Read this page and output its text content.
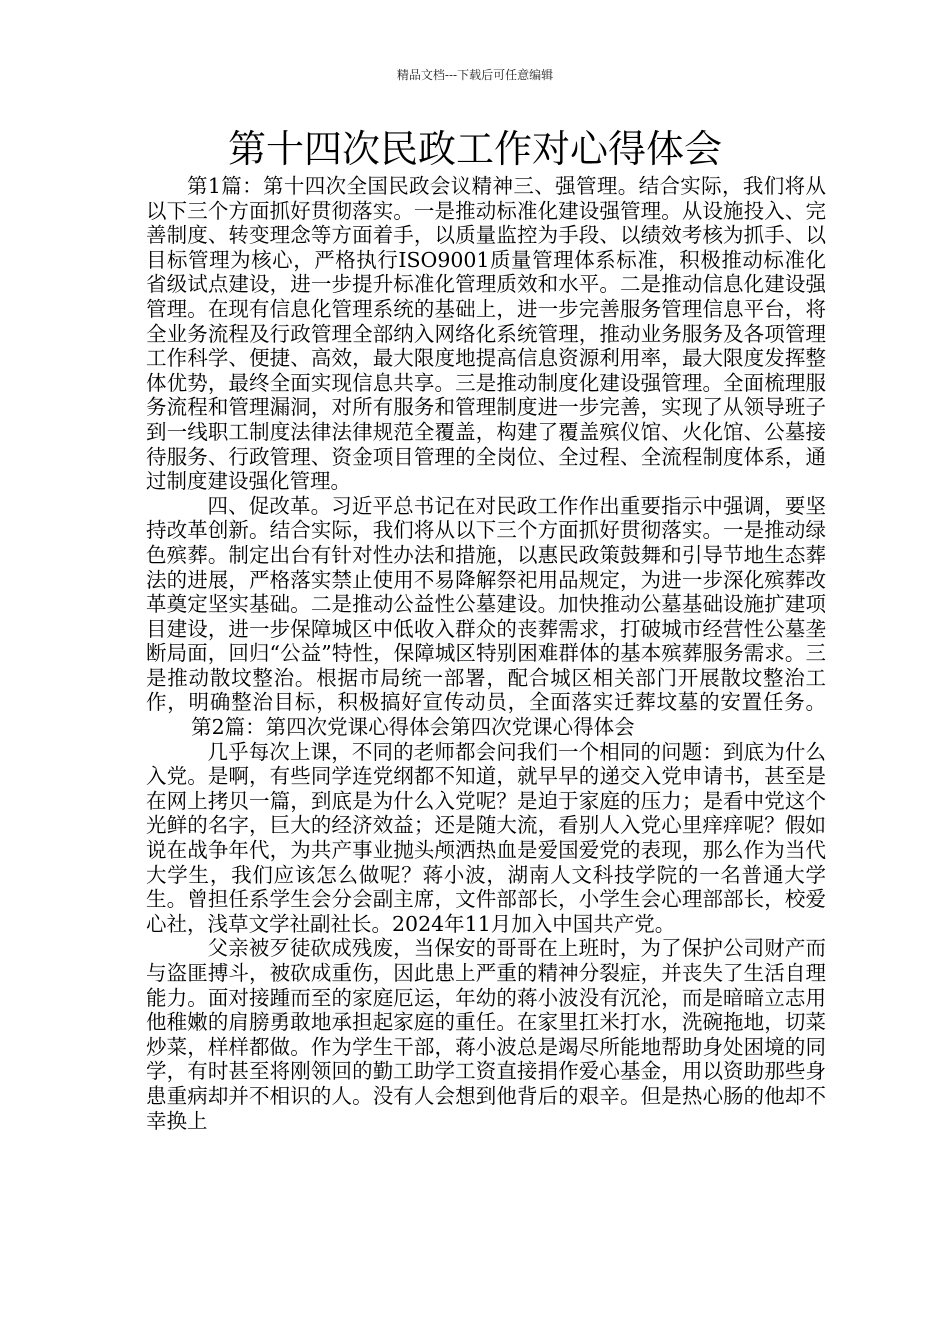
精品文档---下载后可任意编辑
第十四次民政工作对心得体会

第1篇：第十四次全国民政会议精神三、强管理。结合实际，我们将从以下三个方面抓好贯彻落实。一是推动标准化建设强管理。从设施投入、完善制度、转变理念等方面着手，以质量监控为手段、以绩效考核为抓手、以目标管理为核心，严格执行ISO9001质量管理体系标准，积极推动标准化省级试点建设，进一步提升标准化管理质效和水平。二是推动信息化建设强管理。在现有信息化管理系统的基础上，进一步完善服务管理信息平台，将全业务流程及行政管理全部纳入网络化系统管理，推动业务服务及各项管理工作科学、便捷、高效，最大限度地提高信息资源利用率，最大限度发挥整体优势，最终全面实现信息共享。三是推动制度化建设强管理。全面梳理服务流程和管理漏洞，对所有服务和管理制度进一步完善，实现了从领导班子到一线职工制度法律法律规范全覆盖，构建了覆盖殡仪馆、火化馆、公墓接待服务、行政管理、资金项目管理的全岗位、全过程、全流程制度体系，通过制度建设强化管理。

四、促改革。习近平总书记在对民政工作作出重要指示中强调，要坚持改革创新。结合实际，我们将从以下三个方面抓好贯彻落实。一是推动绿色殡葬。制定出台有针对性办法和措施，以惠民政策鼓舞和引导节地生态葬法的进展，严格落实禁止使用不易降解祭祀用品规定，为进一步深化殡葬改革奠定坚实基础。二是推动公益性公墓建设。加快推动公墓基础设施扩建项目建设，进一步保障城区中低收入群众的丧葬需求，打破城市经营性公墓垄断局面，回归“公益”特性，保障城区特别困难群体的基本殡葬服务需求。三是推动散坟整治。根据市局统一部署，配合城区相关部门开展散坟整治工作，明确整治目标，积极搞好宣传动员，全面落实迁葬坟墓的安置任务。第2篇：第四次党课心得体会第四次党课心得体会

几乎每次上课，不同的老师都会问我们一个相同的问题：到底为什么入党。是啊，有些同学连党纲都不知道，就早早的递交入党申请书，甚至是在网上拷贝一篇，到底是为什么入党呢？是迫于家庭的压力；是看中党这个光鲜的名字，巨大的经济效益；还是随大流，看别人入党心里痒痒呢？假如说在战争年代，为共产事业抛头颅洒热血是爱国爱党的表现，那么作为当代大学生，我们应该怎么做呢？蒋小波，湖南人文科技学院的一名普通大学生。曾担任系学生会分会副主席，文件部部长，小学生会心理部部长，校爱心社，浅草文学社副社长。2024年11月加入中国共产党。

父亲被歹徒砍成残废，当保安的哥哥在上班时，为了保护公司财产而与盗匪搏斗，被砍成重伤，因此患上严重的精神分裂症，并丧失了生活自理能力。面对接踵而至的家庭厄运，年幼的蒋小波没有沉沦，而是暗暗立志用他稚嫩的肩膀勇敢地承担起家庭的重任。在家里扛米打水，洗碗拖地，切菜炒菜，样样都做。作为学生干部，蒋小波总是竭尽所能地帮助身处困境的同学，有时甚至将刚领回的勤工助学工资直接捐作爱心基金，用以资助那些身患重病却并不相识的人。没有人会想到他背后的艰辛。但是热心肠的他却不幸换上
